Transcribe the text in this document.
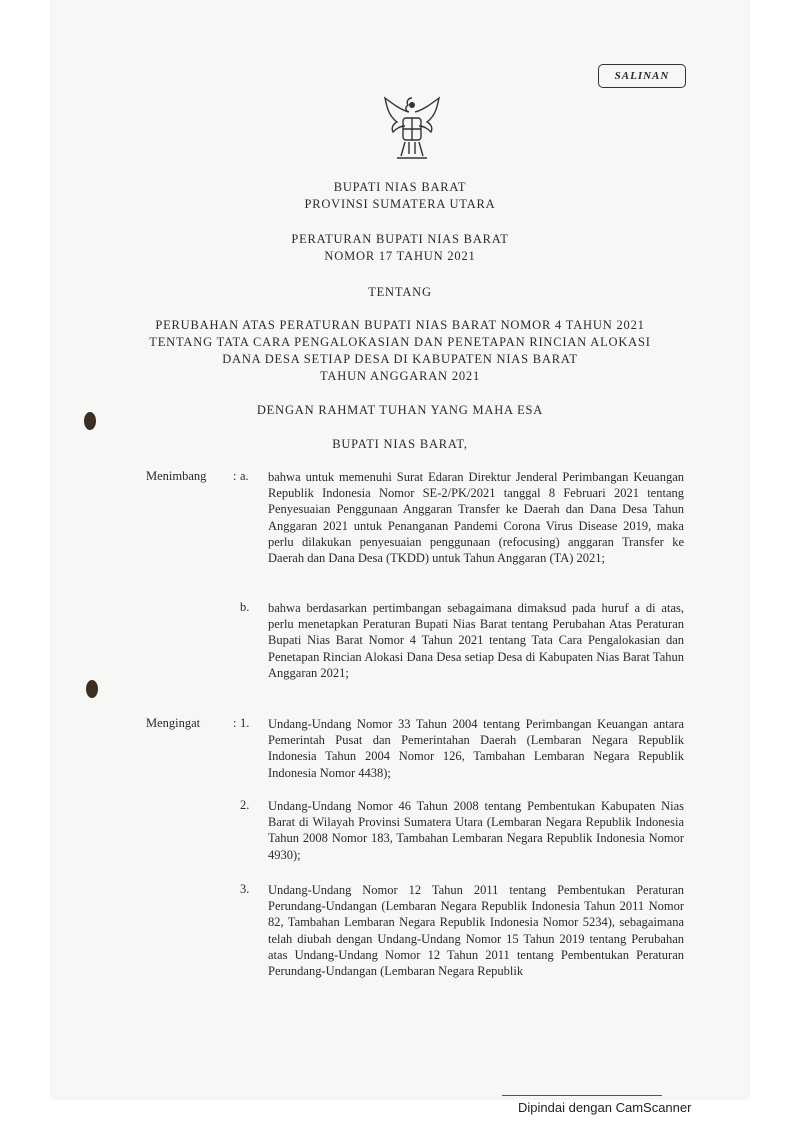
SALINAN
BUPATI NIAS BARAT
PROVINSI SUMATERA UTARA
PERATURAN BUPATI NIAS BARAT
NOMOR 17 TAHUN 2021
TENTANG
PERUBAHAN ATAS PERATURAN BUPATI NIAS BARAT NOMOR 4 TAHUN 2021
TENTANG TATA CARA PENGALOKASIAN DAN PENETAPAN RINCIAN ALOKASI
DANA DESA SETIAP DESA DI KABUPATEN NIAS BARAT
TAHUN ANGGARAN 2021
DENGAN RAHMAT TUHAN YANG MAHA ESA
BUPATI NIAS BARAT,
Menimbang : a. bahwa untuk memenuhi Surat Edaran Direktur Jenderal Perimbangan Keuangan Republik Indonesia Nomor SE-2/PK/2021 tanggal 8 Februari 2021 tentang Penyesuaian Penggunaan Anggaran Transfer ke Daerah dan Dana Desa Tahun Anggaran 2021 untuk Penanganan Pandemi Corona Virus Disease 2019, maka perlu dilakukan penyesuaian penggunaan (refocusing) anggaran Transfer ke Daerah dan Dana Desa (TKDD) untuk Tahun Anggaran (TA) 2021;
b. bahwa berdasarkan pertimbangan sebagaimana dimaksud pada huruf a di atas, perlu menetapkan Peraturan Bupati Nias Barat tentang Perubahan Atas Peraturan Bupati Nias Barat Nomor 4 Tahun 2021 tentang Tata Cara Pengalokasian dan Penetapan Rincian Alokasi Dana Desa setiap Desa di Kabupaten Nias Barat Tahun Anggaran 2021;
Mengingat	: 1. Undang-Undang Nomor 33 Tahun 2004 tentang Perimbangan Keuangan antara Pemerintah Pusat dan Pemerintahan Daerah (Lembaran Negara Republik Indonesia Tahun 2004 Nomor 126, Tambahan Lembaran Negara Republik Indonesia Nomor 4438);
2. Undang-Undang Nomor 46 Tahun 2008 tentang Pembentukan Kabupaten Nias Barat di Wilayah Provinsi Sumatera Utara (Lembaran Negara Republik Indonesia Tahun 2008 Nomor 183, Tambahan Lembaran Negara Republik Indonesia Nomor 4930);
3. Undang-Undang Nomor 12 Tahun 2011 tentang Pembentukan Peraturan Perundang-Undangan (Lembaran Negara Republik Indonesia Tahun 2011 Nomor 82, Tambahan Lembaran Negara Republik Indonesia Nomor 5234), sebagaimana telah diubah dengan Undang-Undang Nomor 15 Tahun 2019 tentang Perubahan atas Undang-Undang Nomor 12 Tahun 2011 tentang Pembentukan Peraturan Perundang-Undangan (Lembaran Negara Republik
Dipindai dengan CamScanner
